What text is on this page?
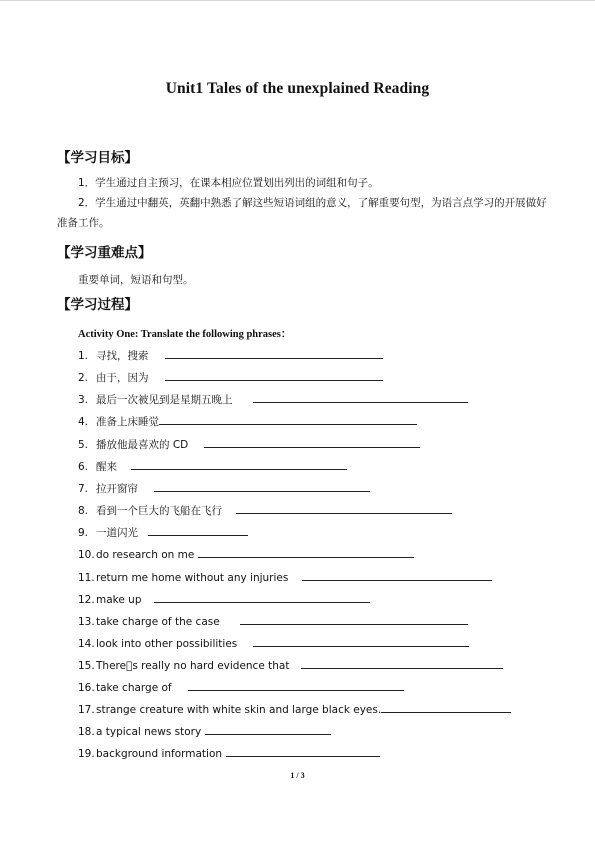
Unit1 Tales of the unexplained Reading
【学习目标】
1．学生通过自主预习，在课本相应位置划出列出的词组和句子。
2．学生通过中翻英，英翻中熟悉了解这些短语词组的意义，了解重要句型，为语言点学习的开展做好准备工作。
【学习重难点】
重要单词，短语和句型。
【学习过程】
Activity One: Translate the following phrases：
1. 寻找，搜索
2. 由于，因为
3. 最后一次被见到是星期五晚上
4. 准备上床睡觉
5. 播放他最喜欢的 CD
6. 醒来
7. 拉开窗帘
8. 看到一个巨大的飞船在飞行
9. 一道闪光
10.do research on me
11.return me home without any injuries
12.make up
13.take charge of the case
14.look into other possibilities
15.There s really no hard evidence that
16.take charge of
17.strange creature with white skin and large black eyes.
18.a typical news story
19.background information
1 / 3
